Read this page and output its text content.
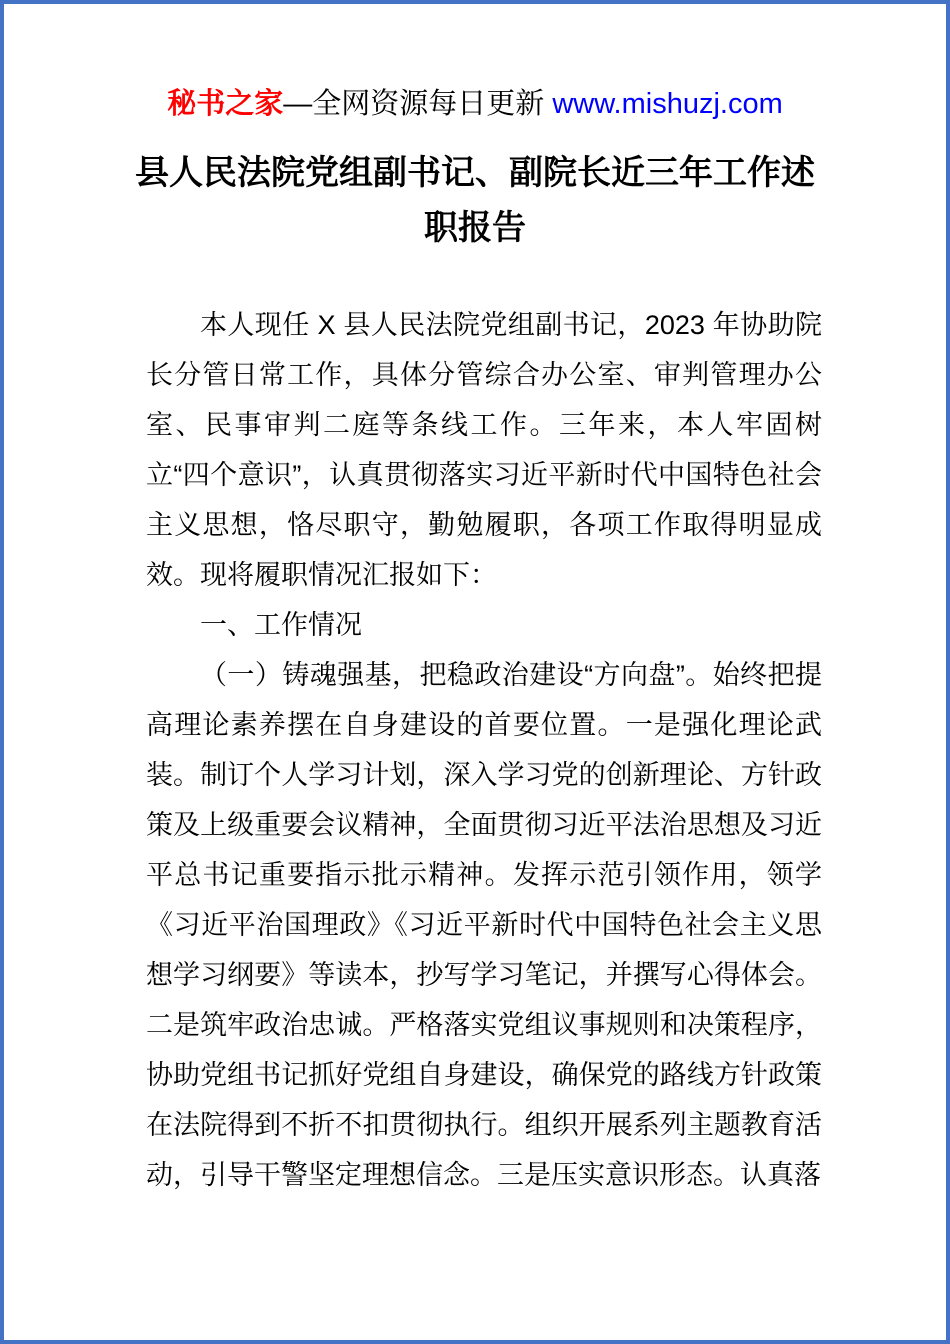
秘书之家—全网资源每日更新 www.mishuzj.com
县人民法院党组副书记、副院长近三年工作述职报告

本人现任 X 县人民法院党组副书记，2023 年协助院长分管日常工作，具体分管综合办公室、审判管理办公室、民事审判二庭等条线工作。三年来，本人牢固树立“四个意识”，认真贯彻落实习近平新时代中国特色社会主义思想，恪尽职守，勤勉履职，各项工作取得明显成效。现将履职情况汇报如下：

一、工作情况

（一）铸魂强基，把稳政治建设“方向盘”。始终把提高理论素养摆在自身建设的首要位置。一是强化理论武装。制订个人学习计划，深入学习党的创新理论、方针政策及上级重要会议精神，全面贯彻习近平法治思想及习近平总书记重要指示批示精神。发挥示范引领作用，领学《习近平治国理政》《习近平新时代中国特色社会主义思想学习纲要》等读本，抄写学习笔记，并撰写心得体会。二是筑牢政治忠诚。严格落实党组议事规则和决策程序，协助党组书记抓好党组自身建设，确保党的路线方针政策在法院得到不折不扣贯彻执行。组织开展系列主题教育活动，引导干警坚定理想信念。三是压实意识形态。认真落
